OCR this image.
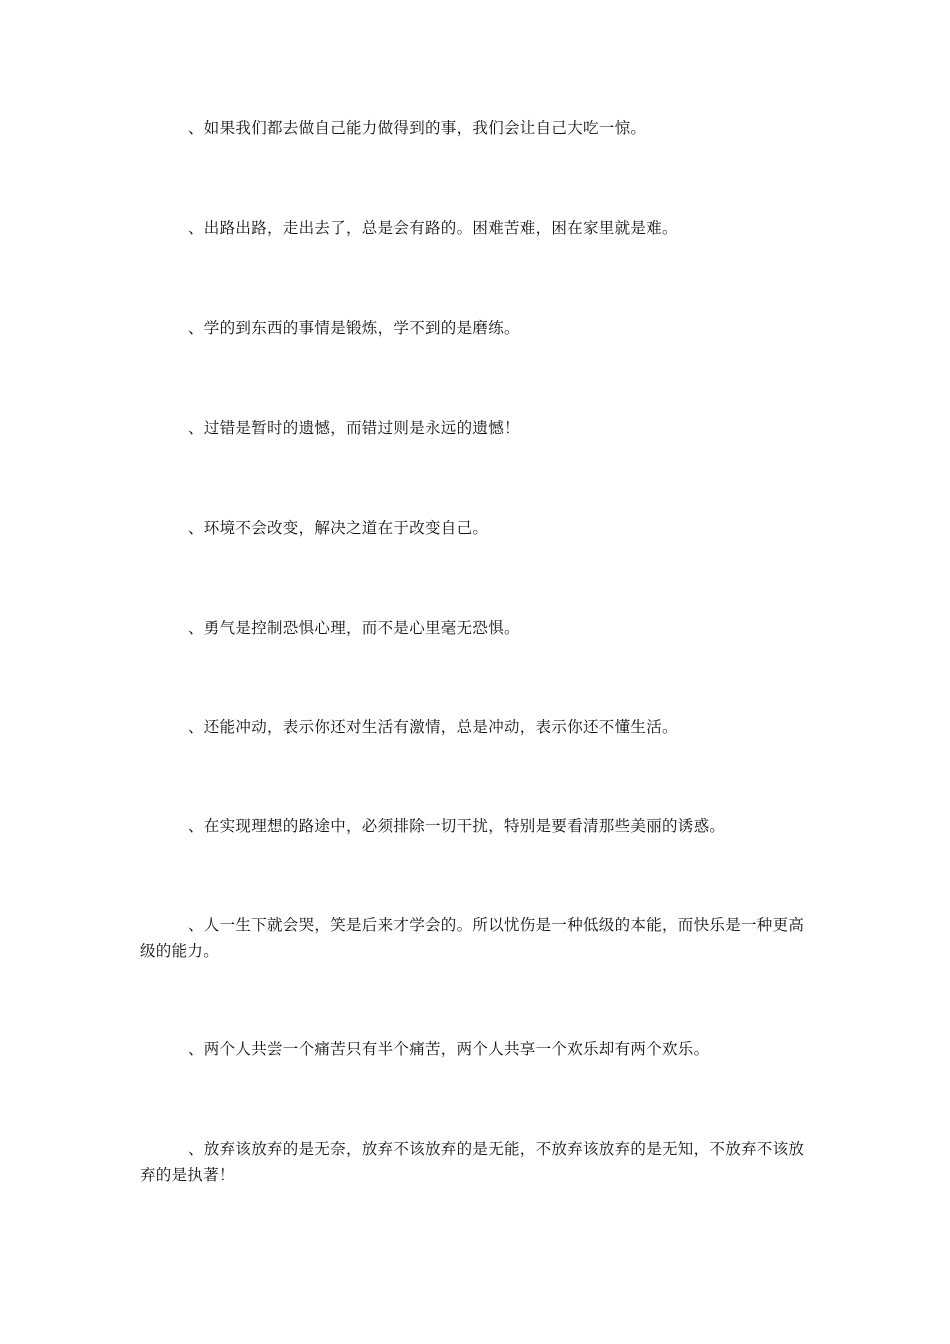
、如果我们都去做自己能力做得到的事，我们会让自己大吃一惊。

、出路出路，走出去了，总是会有路的。困难苦难，困在家里就是难。

、学的到东西的事情是锻炼，学不到的是磨练。

、过错是暂时的遗憾，而错过则是永远的遗憾！

、环境不会改变，解决之道在于改变自己。

、勇气是控制恐惧心理，而不是心里毫无恐惧。

、还能冲动，表示你还对生活有激情，总是冲动，表示你还不懂生活。

、在实现理想的路途中，必须排除一切干扰，特别是要看清那些美丽的诱惑。

、人一生下就会哭，笑是后来才学会的。所以忧伤是一种低级的本能，而快乐是一种更高级的能力。

、两个人共尝一个痛苦只有半个痛苦，两个人共享一个欢乐却有两个欢乐。

、放弃该放弃的是无奈，放弃不该放弃的是无能，不放弃该放弃的是无知，不放弃不该放弃的是执著！
